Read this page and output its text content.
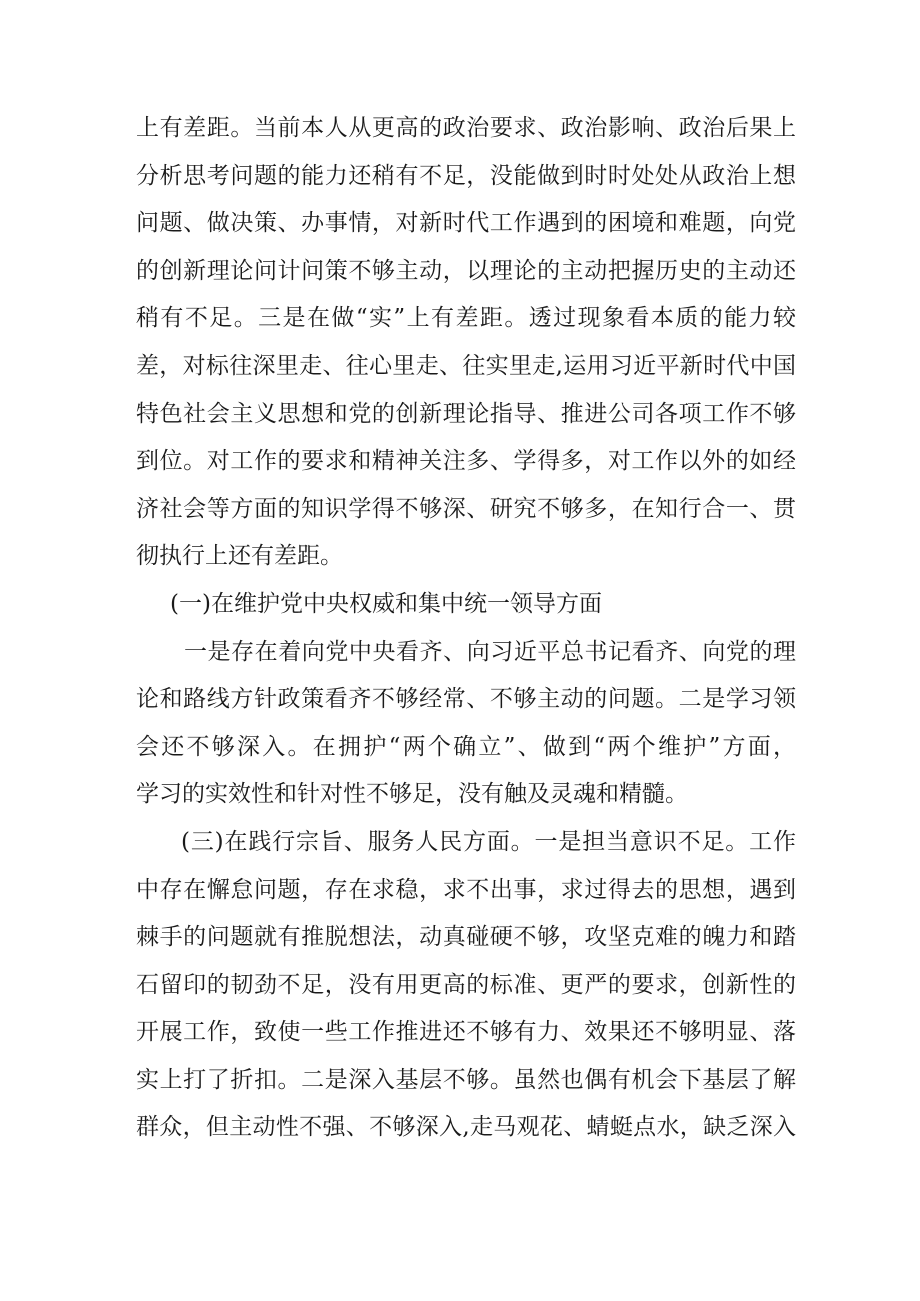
上有差距。当前本人从更高的政治要求、政治影响、政治后果上
分析思考问题的能力还稍有不足，没能做到时时处处从政治上想
问题、做决策、办事情，对新时代工作遇到的困境和难题，向党
的创新理论问计问策不够主动，以理论的主动把握历史的主动还
稍有不足。三是在做“实”上有差距。透过现象看本质的能力较
差，对标往深里走、往心里走、往实里走,运用习近平新时代中国
特色社会主义思想和党的创新理论指导、推进公司各项工作不够
到位。对工作的要求和精神关注多、学得多，对工作以外的如经
济社会等方面的知识学得不够深、研究不够多，在知行合一、贯
彻执行上还有差距。
(一)在维护党中央权威和集中统一领导方面
一是存在着向党中央看齐、向习近平总书记看齐、向党的理
论和路线方针政策看齐不够经常、不够主动的问题。二是学习领
会还不够深入。在拥护“两个确立”、做到“两个维护”方面，
学习的实效性和针对性不够足，没有触及灵魂和精髓。
(三)在践行宗旨、服务人民方面。一是担当意识不足。工作
中存在懈怠问题，存在求稳，求不出事，求过得去的思想，遇到
棘手的问题就有推脱想法，动真碰硬不够，攻坚克难的魄力和踏
石留印的韧劲不足，没有用更高的标准、更严的要求，创新性的
开展工作，致使一些工作推进还不够有力、效果还不够明显、落
实上打了折扣。二是深入基层不够。虽然也偶有机会下基层了解
群众，但主动性不强、不够深入,走马观花、蜻蜓点水，缺乏深入
